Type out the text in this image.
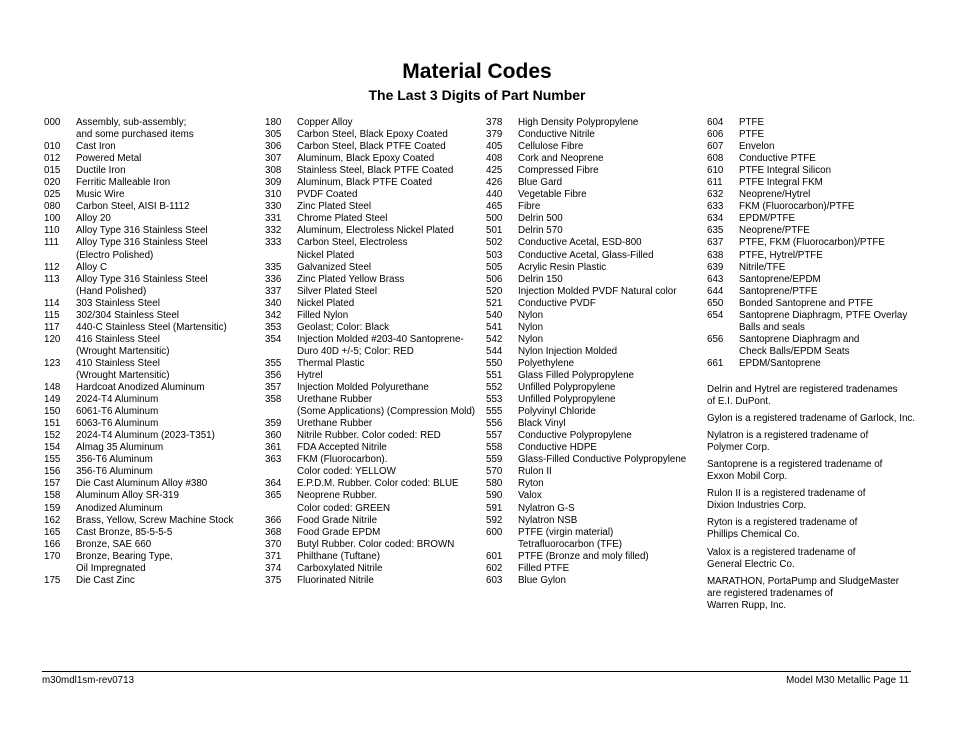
Material Codes
The Last 3 Digits of Part Number
000	Assembly, sub-assembly;
and some purchased items
010	Cast Iron
012	Powered Metal
015	Ductile Iron
020	Ferritic Malleable Iron
025	Music Wire
080	Carbon Steel, AISI B-1112
100	Alloy 20
110	Alloy Type 316 Stainless Steel
111	Alloy Type 316 Stainless Steel
(Electro Polished)
112	Alloy C
113	Alloy Type 316 Stainless Steel
(Hand Polished)
114	303 Stainless Steel
115	302/304 Stainless Steel
117	440-C Stainless Steel (Martensitic)
120	416 Stainless Steel
(Wrought Martensitic)
123	410 Stainless Steel
(Wrought Martensitic)
148	Hardcoat Anodized Aluminum
149	2024-T4 Aluminum
150	6061-T6 Aluminum
151	6063-T6 Aluminum
152	2024-T4 Aluminum (2023-T351)
154	Almag 35 Aluminum
155	356-T6 Aluminum
156	356-T6 Aluminum
157	Die Cast Aluminum Alloy #380
158	Aluminum Alloy SR-319
159	Anodized Aluminum
162	Brass, Yellow, Screw Machine Stock
165	Cast Bronze, 85-5-5-5
166	Bronze, SAE 660
170	Bronze, Bearing Type,
Oil Impregnated
175	Die Cast Zinc
180	Copper Alloy
305	Carbon Steel, Black Epoxy Coated
306	Carbon Steel, Black PTFE Coated
307	Aluminum, Black Epoxy Coated
308	Stainless Steel, Black PTFE Coated
309	Aluminum, Black PTFE Coated
310	PVDF Coated
330	Zinc Plated Steel
331	Chrome Plated Steel
332	Aluminum, Electroless Nickel Plated
333	Carbon Steel, Electroless
Nickel Plated
335	Galvanized Steel
336	Zinc Plated Yellow Brass
337	Silver Plated Steel
340	Nickel Plated
342	Filled Nylon
353	Geolast; Color: Black
354	Injection Molded #203-40 Santoprene-
Duro 40D +/-5; Color: RED
355	Thermal Plastic
356	Hytrel
357	Injection Molded Polyurethane
358	Urethane Rubber
(Some Applications) (Compression Mold)
359	Urethane Rubber
360	Nitrile Rubber. Color coded: RED
361	FDA Accepted Nitrile
363	FKM (Fluorocarbon).
Color coded: YELLOW
364	E.P.D.M. Rubber. Color coded: BLUE
365	Neoprene Rubber.
Color coded: GREEN
366	Food Grade Nitrile
368	Food Grade EPDM
370	Butyl Rubber. Color coded: BROWN
371	Philthane (Tuftane)
374	Carboxylated Nitrile
375	Fluorinated Nitrile
378	High Density Polypropylene
379	Conductive Nitrile
405	Cellulose Fibre
408	Cork and Neoprene
425	Compressed Fibre
426	Blue Gard
440	Vegetable Fibre
465	Fibre
500	Delrin 500
501	Delrin 570
502	Conductive Acetal, ESD-800
503	Conductive Acetal, Glass-Filled
505	Acrylic Resin Plastic
506	Delrin 150
520	Injection Molded PVDF Natural color
521	Conductive PVDF
540	Nylon
541	Nylon
542	Nylon
544	Nylon Injection Molded
550	Polyethylene
551	Glass Filled Polypropylene
552	Unfilled Polypropylene
553	Unfilled Polypropylene
555	Polyvinyl Chloride
556	Black Vinyl
557	Conductive Polypropylene
558	Conductive HDPE
559	Glass-Filled Conductive Polypropylene
570	Rulon II
580	Ryton
590	Valox
591	Nylatron G-S
592	Nylatron NSB
600	PTFE (virgin material)
Tetrafluorocarbon (TFE)
601	PTFE (Bronze and moly filled)
602	Filled PTFE
603	Blue Gylon
604	PTFE
606	PTFE
607	Envelon
608	Conductive PTFE
610	PTFE Integral Silicon
611	PTFE Integral FKM
632	Neoprene/Hytrel
633	FKM (Fluorocarbon)/PTFE
634	EPDM/PTFE
635	Neoprene/PTFE
637	PTFE, FKM (Fluorocarbon)/PTFE
638	PTFE, Hytrel/PTFE
639	Nitrile/TFE
643	Santoprene/EPDM
644	Santoprene/PTFE
650	Bonded Santoprene and PTFE
654	Santoprene Diaphragm, PTFE Overlay
Balls and seals
656	Santoprene Diaphragm and
Check Balls/EPDM Seats
661	EPDM/Santoprene
Delrin and Hytrel are registered tradenames
of E.I. DuPont.
Gylon is a registered tradename of Garlock, Inc.
Nylatron is a registered tradename of
Polymer Corp.
Santoprene is a registered tradename of
Exxon Mobil Corp.
Rulon II is a registered tradename of
Dixion Industries Corp.
Ryton is a registered tradename of
Phillips Chemical Co.
Valox is a registered tradename of
General Electric Co.
MARATHON, PortaPump and SludgeMaster
are registered tradenames of
Warren Rupp, Inc.
m30mdl1sm-rev0713	Model M30 Metallic Page 11
